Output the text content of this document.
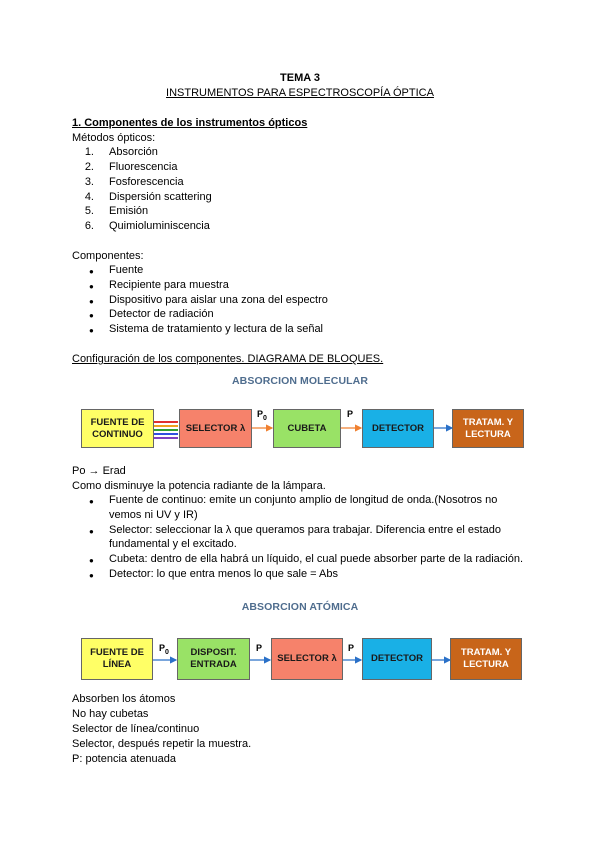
TEMA 3
INSTRUMENTOS PARA ESPECTROSCOPÍA ÓPTICA
1. Componentes de los instrumentos ópticos
Métodos ópticos:
1. Absorción
2. Fluorescencia
3. Fosforescencia
4. Dispersión scattering
5. Emisión
6. Quimioluminiscencia
Componentes:
● Fuente
● Recipiente para muestra
● Dispositivo para aislar una zona del espectro
● Detector de radiación
● Sistema de tratamiento y lectura de la señal
Configuración de los componentes. DIAGRAMA DE BLOQUES.
ABSORCION MOLECULAR
FUENTE DE CONTINUO
SELECTOR λ
$P_0$
CUBETA
P
DETECTOR
TRATAM. Y LECTURA
Po → Erad
Como disminuye la potencia radiante de la lámpara.
● Fuente de continuo: emite un conjunto amplio de longitud de onda.(Nosotros no
vemos ni UV y IR)
● Selector: seleccionar la λ que queramos para trabajar. Diferencia entre el estado
fundamental y el excitado.
● Cubeta: dentro de ella habrá un líquido, el cual puede absorber parte de la radiación.
● Detector: lo que entra menos lo que sale = Abs
ABSORCION ATÓMICA
FUENTE DE LÍNEA
$P_0$	DISPOSIT. ENTRADA
P
SELECTOR λ
P
DETECTOR
TRATAM. Y LECTURA
Absorben los átomos
No hay cubetas
Selector de línea/continuo
Selector, después repetir la muestra.
P: potencia atenuada
